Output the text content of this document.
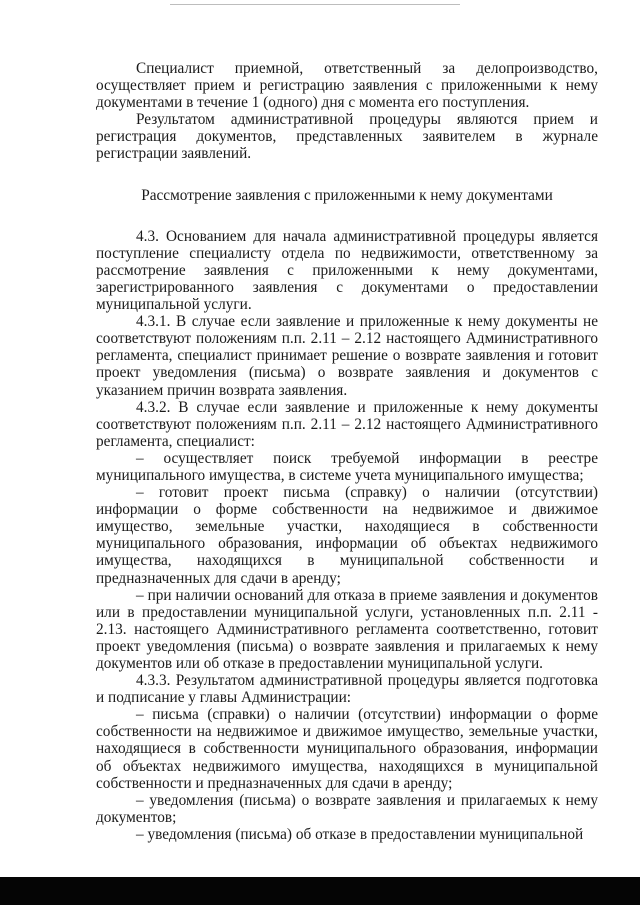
Специалист приемной, ответственный за делопроизводство, осуществляет прием и регистрацию заявления с приложенными к нему документами в течение 1 (одного) дня с момента его поступления.

Результатом административной процедуры являются прием и регистрация документов, представленных заявителем в журнале регистрации заявлений.

Рассмотрение заявления с приложенными к нему документами

4.3. Основанием для начала административной процедуры является поступление специалисту отдела по недвижимости, ответственному за рассмотрение заявления с приложенными к нему документами, зарегистрированного заявления с документами о предоставлении муниципальной услуги.

4.3.1. В случае если заявление и приложенные к нему документы не соответствуют положениям п.п. 2.11 – 2.12 настоящего Административного регламента, специалист принимает решение о возврате заявления и готовит проект уведомления (письма) о возврате заявления и документов с указанием причин возврата заявления.

4.3.2. В случае если заявление и приложенные к нему документы соответствуют положениям п.п. 2.11 – 2.12 настоящего Административного регламента, специалист:

– осуществляет поиск требуемой информации в реестре муниципального имущества, в системе учета муниципального имущества;

– готовит проект письма (справку) о наличии (отсутствии) информации о форме собственности на недвижимое и движимое имущество, земельные участки, находящиеся в собственности муниципального образования, информации об объектах недвижимого имущества, находящихся в муниципальной собственности и предназначенных для сдачи в аренду;

– при наличии оснований для отказа в приеме заявления и документов или в предоставлении муниципальной услуги, установленных п.п. 2.11 - 2.13. настоящего Административного регламента соответственно, готовит проект уведомления (письма) о возврате заявления и прилагаемых к нему документов или об отказе в предоставлении муниципальной услуги.

4.3.3. Результатом административной процедуры является подготовка и подписание у главы Администрации:

– письма (справки) о наличии (отсутствии) информации о форме собственности на недвижимое и движимое имущество, земельные участки, находящиеся в собственности муниципального образования, информации об объектах недвижимого имущества, находящихся в муниципальной собственности и предназначенных для сдачи в аренду;

– уведомления (письма) о возврате заявления и прилагаемых к нему документов;

– уведомления (письма) об отказе в предоставлении муниципальной
